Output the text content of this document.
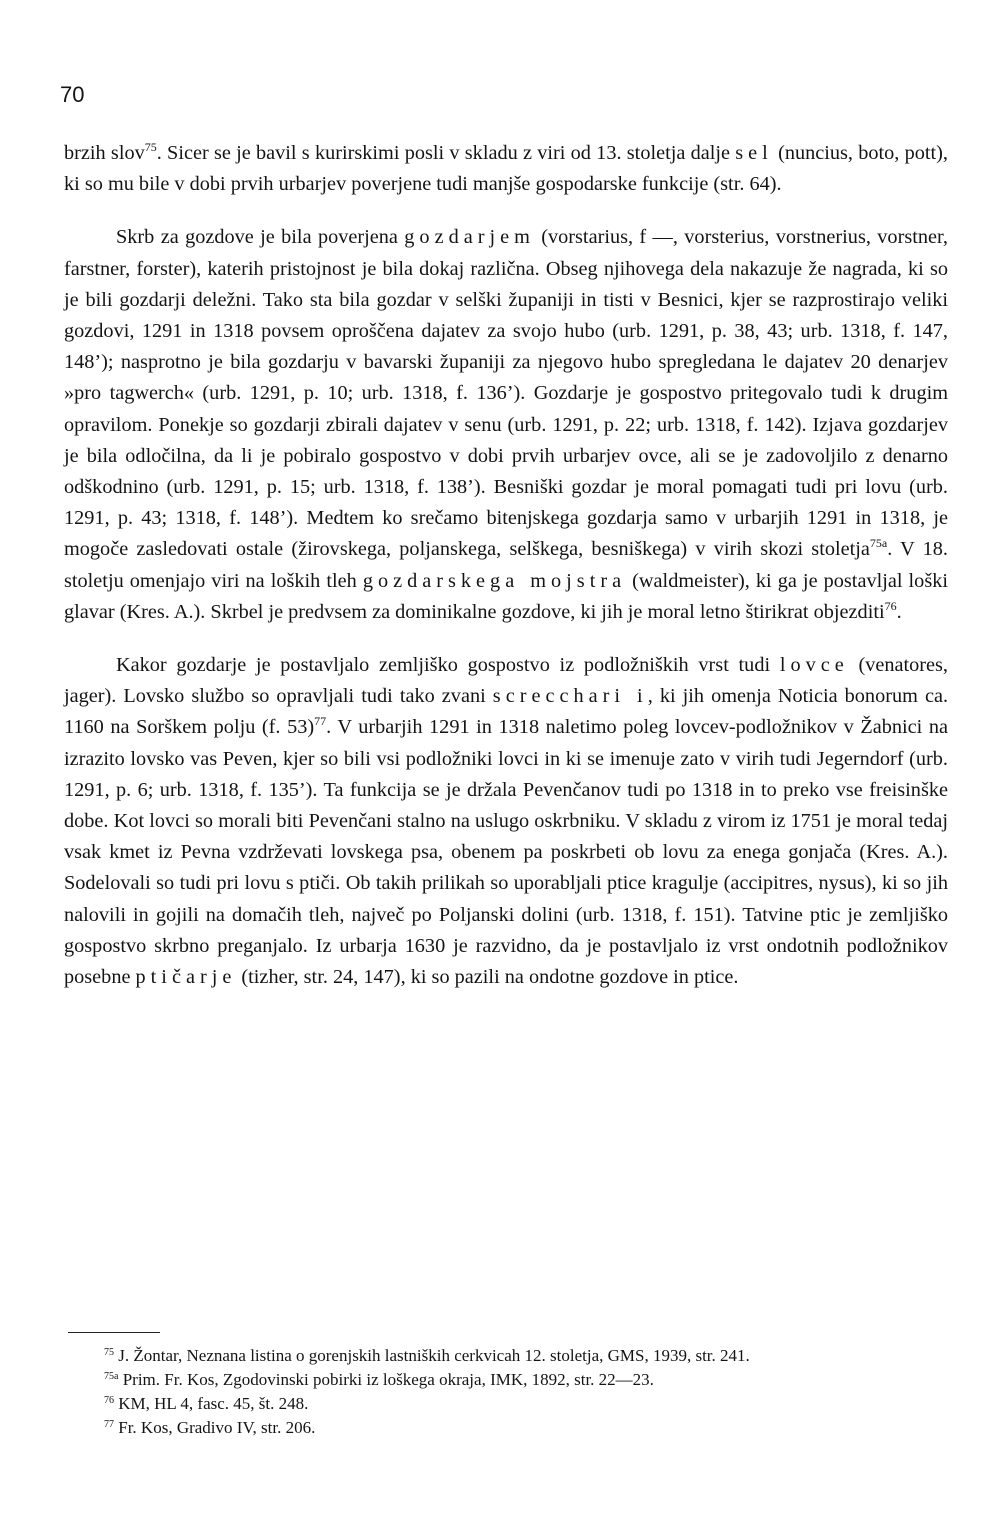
70

brzih slov$^{75}$. Sicer se je bavil s kurirskimi posli v skladu z viri od 13. stoletja dalje sel (nuncius, boto, pott), ki so mu bile v dobi prvih urbarjev poverjene tudi manjše gospodarske funkcije (str. 64).

Skrb za gozdove je bila poverjena gozdarjem (vorstarius, f —, vorsterius, vorstnerius, vorstner, farstner, forster), katerih pristojnost je bila dokaj različna. Obseg njihovega dela nakazuje že nagrada, ki so je bili gozdarji deležni. Tako sta bila gozdar v selški županiji in tisti v Besnici, kjer se razprostirajo veliki gozdovi, 1291 in 1318 povsem oproščena dajatev za svojo hubo (urb. 1291, p. 38, 43; urb. 1318, f. 147, 148’); nasprotno je bila gozdarju v bavarski županiji za njegovo hubo spregledana le dajatev 20 denarjev »pro tagwerch« (urb. 1291, p. 10; urb. 1318, f. 136’). Gozdarje je gospostvo pritegovalo tudi k drugim opravilom. Ponekje so gozdarji zbirali dajatev v senu (urb. 1291, p. 22; urb. 1318, f. 142). Izjava gozdarjev je bila odločilna, da li je pobiralo gospostvo v dobi prvih urbarjev ovce, ali se je zadovoljilo z denarno odškodnino (urb. 1291, p. 15; urb. 1318, f. 138’). Besniški gozdar je moral pomagati tudi pri lovu (urb. 1291, p. 43; 1318, f. 148’). Medtem ko srečamo bitenjskega gozdarja samo v urbarjih 1291 in 1318, je mogoče zasledovati ostale (žirovskega, poljanskega, selškega, besniškega) v virih skozi stoletja$^{75a}$. V 18. stoletju omenjajo viri na loških tleh gozdarskega mojstra (waldmeister), ki ga je postavljal loški glavar (Kres. A.). Skrbel je predvsem za dominikalne gozdove, ki jih je moral letno štirikrat objezditi$^{76}$.

Kakor gozdarje je postavljalo zemljiško gospostvo iz podložniških vrst tudi lovce (venatores, jager). Lovsko službo so opravljali tudi tako zvani screcchari i, ki jih omenja Noticia bonorum ca. 1160 na Sorškem polju (f. 53)$^{77}$. V urbarjih 1291 in 1318 naletimo poleg lovcev-podložnikov v Žabnici na izrazito lovsko vas Peven, kjer so bili vsi podložniki lovci in ki se imenuje zato v virih tudi Jegerndorf (urb. 1291, p. 6; urb. 1318, f. 135’). Ta funkcija se je držala Pevenčanov tudi po 1318 in to preko vse freisinške dobe. Kot lovci so morali biti Pevenčani stalno na uslugo oskrbniku. V skladu z virom iz 1751 je moral tedaj vsak kmet iz Pevna vzdrževati lovskega psa, obenem pa poskrbeti ob lovu za enega gonjača (Kres. A.). Sodelovali so tudi pri lovu s ptiči. Ob takih prilikah so uporabljali ptice kragulje (accipitres, nysus), ki so jih nalovili in gojili na domačih tleh, največ po Poljanski dolini (urb. 1318, f. 151). Tatvine ptic je zemljiško gospostvo skrbno preganjalo. Iz urbarja 1630 je razvidno, da je postavljalo iz vrst ondotnih podložnikov posebne ptičarje (tizher, str. 24, 147), ki so pazili na ondotne gozdove in ptice.

$^{75}$ J. Žontar, Neznana listina o gorenjskih lastniških cerkvicah 12. stoletja, GMS, 1939, str. 241.

$^{75a}$ Prim. Fr. Kos, Zgodovinski pobirki iz loškega okraja, IMK, 1892, str. 22—23.

$^{76}$ KM, HL 4, fasc. 45, št. 248.

$^{77}$ Fr. Kos, Gradivo IV, str. 206.
